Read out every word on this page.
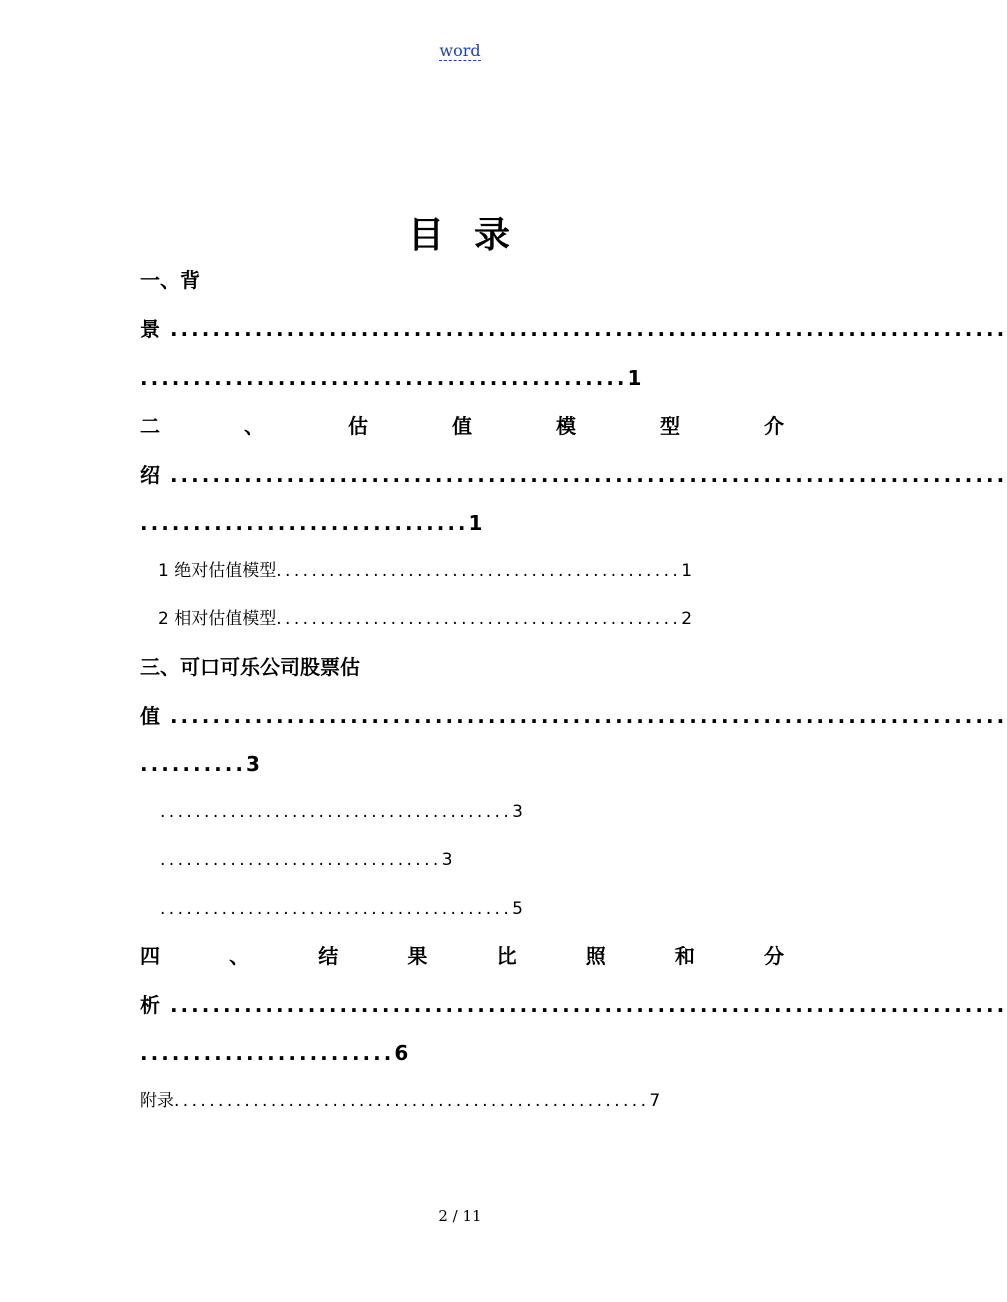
word
目 录
一、背
景 ...............................................................................
..............................................1
二	、	估	值	模	型	介
绍 ...............................................................................
...............................1
1 绝对估值模型..............................................1
2 相对估值模型..............................................2
三、可口可乐公司股票估
值 ...............................................................................
..........3
........................................3
................................3
........................................5
四	、	结	果	比	照	和	分
析 ...............................................................................
........................6
附录......................................................7
2 / 11
